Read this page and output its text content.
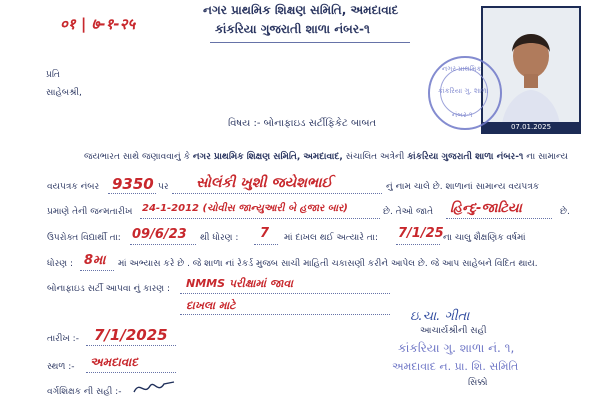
०१ | ७-१-२५
નગર પ્રાથમિક શિક્ષણ સમિતિ, અમદાવાદ
કાંકરિયા ગુજરાતી શાળા નંબર-૧
07.01.2025
નગર પ્રાથમિક
કાંકરિયા ગુ. શાળા
નંબર-૧
પ્રતિ
સાહેબશ્રી,
વિષય :- બોનાફાઇડ સર્ટીફિકેટ બાબત
જયભારત સાથે જણાવવાનું કે નગર પ્રાથમિક શિક્ષણ સમિતિ, અમદાવાદ, સંચાલિત અત્રેની કાંકરિયા ગુજરાતી શાળા નંબર-૧ ના સામાન્ય
વયપત્રક નંબર 9350 પર સોલંકી ખુશી જયેશભાઈ	નું નામ ચાલે છે. શાળાનાં સામાન્ય વયપત્રક
પ્રમાણે તેની જન્મતારીખ 24-1-2012 (ચોવીસ જાન્યુઆરી બે હજાર બાર)	છે. તેઓ જાતે હિન્દુ-જાટિયા	છે.
ઉપરોક્ત વિદ્યાર્થી તા: 09/6/23 થી ધોરણ : 7 માં દાખલ થઈ અત્યારે તા: 7/1/25 ના ચાલુ શૈક્ષણિક વર્ષમાં
ધોરણ : 8મા માં અભ્યાસ કરે છે . જે શાળા નાં રેકર્ડ મુજબ સાચી માહિતી ચકાસણી કરીને આપેલ છે. જે આપ સાહેબને વિદિત થાય.
બોનાફાઇડ સર્ટી આપવા નું કારણ : NMMS પરીક્ષામાં જાવા
દાખલા માટે
તારીખ :- 7/1/2025
સ્થળ :- અમદાવાદ
વર્ગશિક્ષક ની સહી :-
ઇ.ચા. ગીતા
આચાર્યશ્રીની સહી
કાંકરિયા ગુ. શાળા નં. ૧,
અમદાવાદ ન. પ્રા. શિ. સમિતિ
સિક્કો
